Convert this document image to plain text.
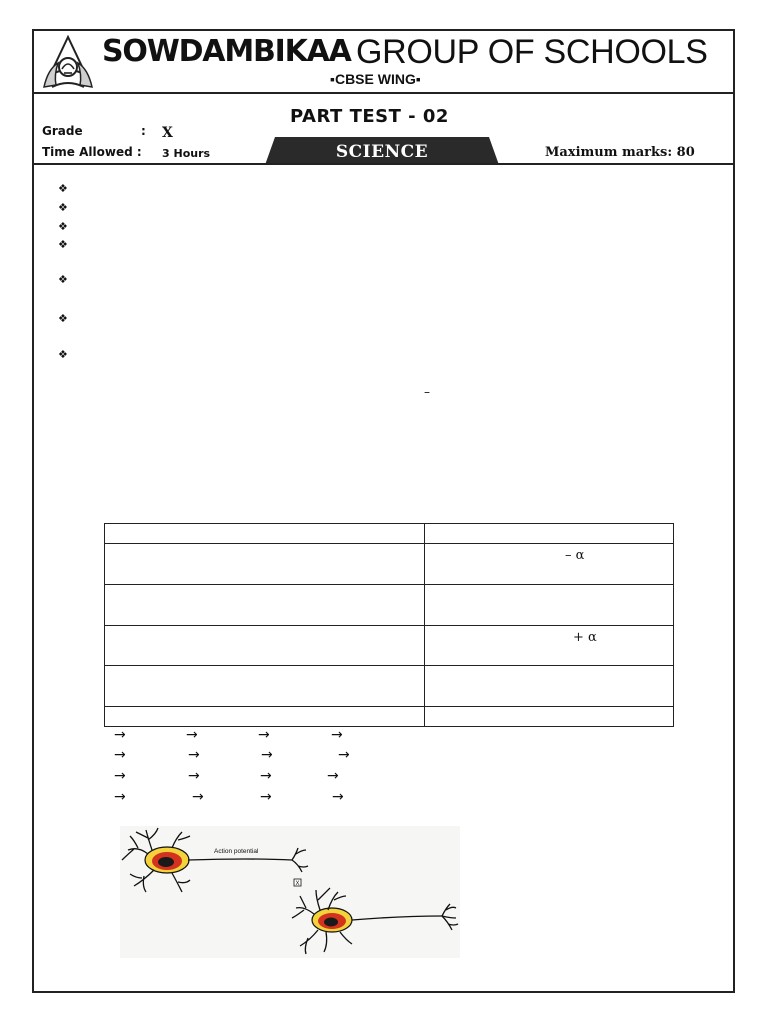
SOWDAMBIKAA GROUP OF SCHOOLS
▪CBSE WING▪
PART TEST - 02
Grade	: X
Time Allowed : 3 Hours	SCIENCE	Maximum marks: 80
❖
❖
❖
❖
❖
❖
❖
–

	– α

	+ α

→	→	→	→
→	→	→	→
→	→	→	→
→	→	→	→
Action potential
X
